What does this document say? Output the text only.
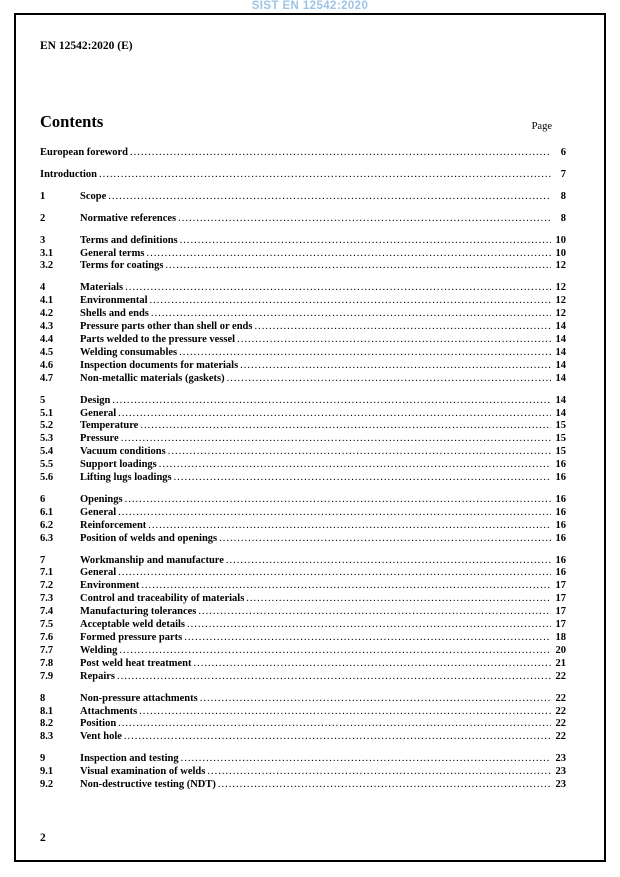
SIST EN 12542:2020
EN 12542:2020 (E)
Contents	Page
European foreword .....	6
Introduction .....	7
1	Scope .....	8
2	Normative references .....	8
3	Terms and definitions .....	10
3.1	General terms .....	10
3.2	Terms for coatings .....	12
4	Materials .....	12
4.1	Environmental .....	12
4.2	Shells and ends .....	12
4.3	Pressure parts other than shell or ends .....	14
4.4	Parts welded to the pressure vessel .....	14
4.5	Welding consumables .....	14
4.6	Inspection documents for materials .....	14
4.7	Non-metallic materials (gaskets) .....	14
5	Design .....	14
5.1	General .....	14
5.2	Temperature .....	15
5.3	Pressure .....	15
5.4	Vacuum conditions .....	15
5.5	Support loadings .....	16
5.6	Lifting lugs loadings .....	16
6	Openings .....	16
6.1	General .....	16
6.2	Reinforcement .....	16
6.3	Position of welds and openings .....	16
7	Workmanship and manufacture .....	16
7.1	General .....	16
7.2	Environment .....	17
7.3	Control and traceability of materials .....	17
7.4	Manufacturing tolerances .....	17
7.5	Acceptable weld details .....	17
7.6	Formed pressure parts .....	18
7.7	Welding .....	20
7.8	Post weld heat treatment .....	21
7.9	Repairs .....	22
8	Non-pressure attachments .....	22
8.1	Attachments .....	22
8.2	Position .....	22
8.3	Vent hole .....	22
9	Inspection and testing .....	23
9.1	Visual examination of welds .....	23
9.2	Non-destructive testing (NDT) .....	23
2
